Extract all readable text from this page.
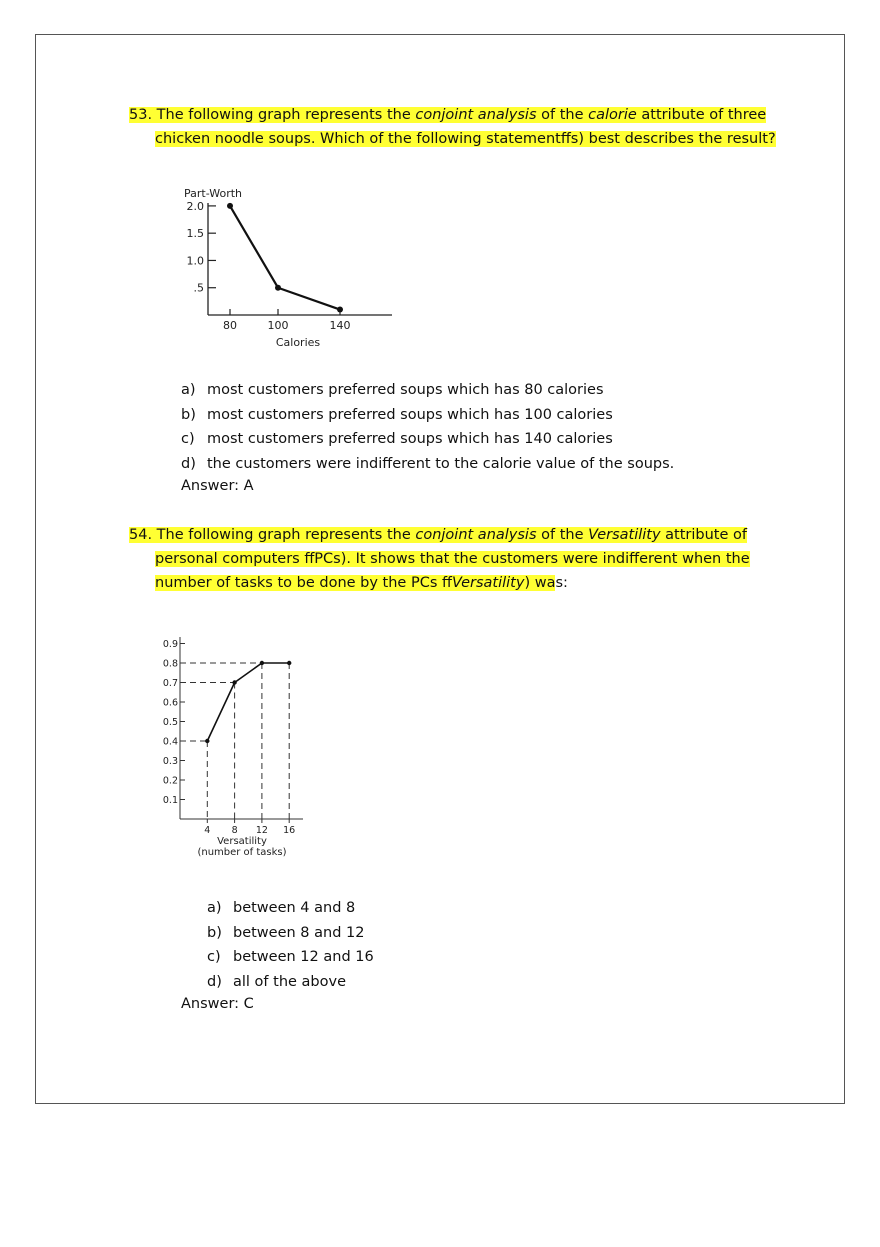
53. The following graph represents the conjoint analysis of the calorie attribute of three
chicken noodle soups. Which of the following statementffs) best describes the result?
Part-Worth
2.0
1.5
1.0
.5
80	100	140
Calories
a) most customers preferred soups which has 80 calories
b) most customers preferred soups which has 100 calories
c) most customers preferred soups which has 140 calories
d) the customers were indifferent to the calorie value of the soups.
Answer: A
54. The following graph represents the conjoint analysis of the Versatility attribute of
personal computers ffPCs). It shows that the customers were indifferent when the
number of tasks to be done by the PCs ffVersatility) was:
0.1
0.2
0.3
0.4
0.5
0.6
0.7
0.8
0.9
4 8 12 16
Versatility
(number of tasks)
a) between 4 and 8
b) between 8 and 12
c) between 12 and 16
d) all of the above
Answer: C
